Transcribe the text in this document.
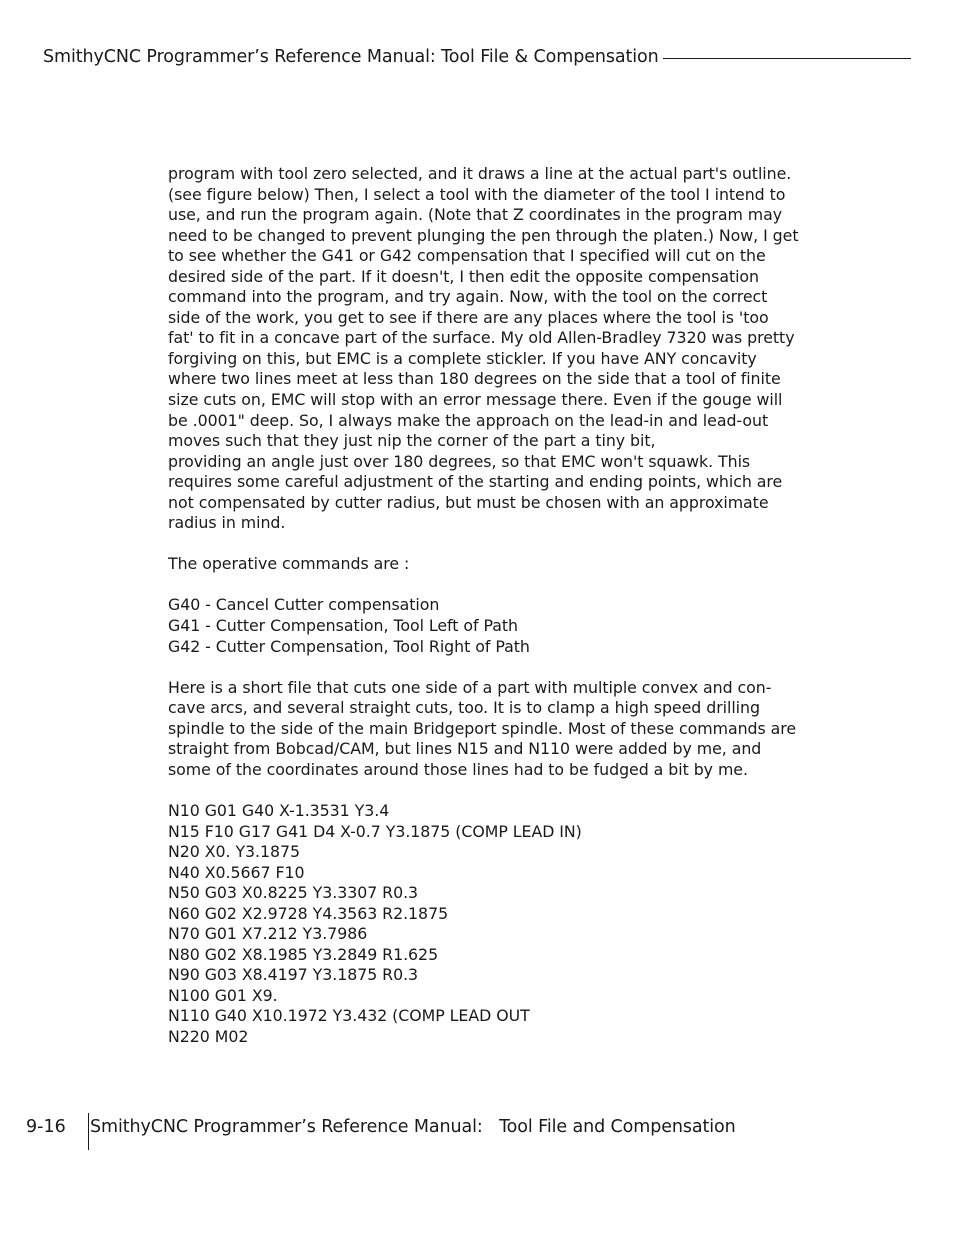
SmithyCNC Programmer’s Reference Manual: Tool File & Compensation
program with tool zero selected, and it draws a line at the actual part's outline.
(see figure below) Then, I select a tool with the diameter of the tool I intend to
use, and run the program again. (Note that Z coordinates in the program may
need to be changed to prevent plunging the pen through the platen.) Now, I get
to see whether the G41 or G42 compensation that I specified will cut on the
desired side of the part. If it doesn't, I then edit the opposite compensation
command into the program, and try again. Now, with the tool on the correct
side of the work, you get to see if there are any places where the tool is 'too
fat' to fit in a concave part of the surface. My old Allen-Bradley 7320 was pretty
forgiving on this, but EMC is a complete stickler. If you have ANY concavity
where two lines meet at less than 180 degrees on the side that a tool of finite
size cuts on, EMC will stop with an error message there. Even if the gouge will
be .0001" deep. So, I always make the approach on the lead-in and lead-out
moves such that they just nip the corner of the part a tiny bit,
providing an angle just over 180 degrees, so that EMC won't squawk. This
requires some careful adjustment of the starting and ending points, which are
not compensated by cutter radius, but must be chosen with an approximate
radius in mind.
The operative commands are :
G40 - Cancel Cutter compensation
G41 - Cutter Compensation, Tool Left of Path
G42 - Cutter Compensation, Tool Right of Path
Here is a short file that cuts one side of a part with multiple convex and con-
cave arcs, and several straight cuts, too. It is to clamp a high speed drilling
spindle to the side of the main Bridgeport spindle. Most of these commands are
straight from Bobcad/CAM, but lines N15 and N110 were added by me, and
some of the coordinates around those lines had to be fudged a bit by me.
N10 G01 G40 X-1.3531 Y3.4
N15 F10 G17 G41 D4 X-0.7 Y3.1875 (COMP LEAD IN)
N20 X0. Y3.1875
N40 X0.5667 F10
N50 G03 X0.8225 Y3.3307 R0.3
N60 G02 X2.9728 Y4.3563 R2.1875
N70 G01 X7.212 Y3.7986
N80 G02 X8.1985 Y3.2849 R1.625
N90 G03 X8.4197 Y3.1875 R0.3
N100 G01 X9.
N110 G40 X10.1972 Y3.432 (COMP LEAD OUT
N220 M02
9-16 SmithyCNC Programmer’s Reference Manual:   Tool File and Compensation
